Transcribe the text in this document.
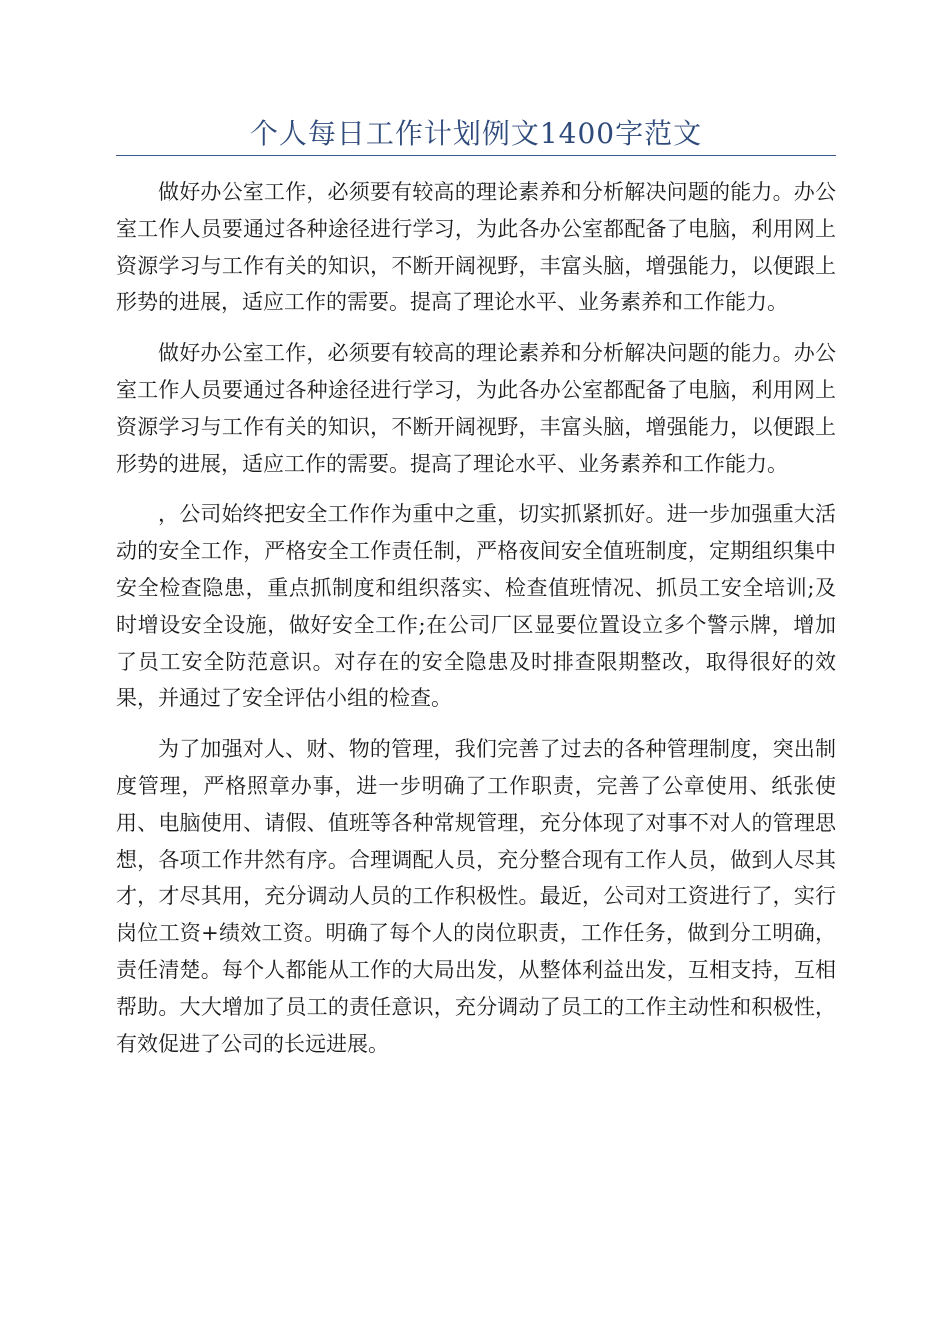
个人每日工作计划例文1400字范文

做好办公室工作，必须要有较高的理论素养和分析解决问题的能力。办公室工作人员要通过各种途径进行学习，为此各办公室都配备了电脑，利用网上资源学习与工作有关的知识，不断开阔视野，丰富头脑，增强能力，以便跟上形势的进展，适应工作的需要。提高了理论水平、业务素养和工作能力。

做好办公室工作，必须要有较高的理论素养和分析解决问题的能力。办公室工作人员要通过各种途径进行学习，为此各办公室都配备了电脑，利用网上资源学习与工作有关的知识，不断开阔视野，丰富头脑，增强能力，以便跟上形势的进展，适应工作的需要。提高了理论水平、业务素养和工作能力。

，公司始终把安全工作作为重中之重，切实抓紧抓好。进一步加强重大活动的安全工作，严格安全工作责任制，严格夜间安全值班制度，定期组织集中安全检查隐患，重点抓制度和组织落实、检查值班情况、抓员工安全培训;及时增设安全设施，做好安全工作;在公司厂区显要位置设立多个警示牌，增加了员工安全防范意识。对存在的安全隐患及时排查限期整改，取得很好的效果，并通过了安全评估小组的检查。

为了加强对人、财、物的管理，我们完善了过去的各种管理制度，突出制度管理，严格照章办事，进一步明确了工作职责，完善了公章使用、纸张使用、电脑使用、请假、值班等各种常规管理，充分体现了对事不对人的管理思想，各项工作井然有序。合理调配人员，充分整合现有工作人员，做到人尽其才，才尽其用，充分调动人员的工作积极性。最近，公司对工资进行了，实行岗位工资+绩效工资。明确了每个人的岗位职责，工作任务，做到分工明确，责任清楚。每个人都能从工作的大局出发，从整体利益出发，互相支持，互相帮助。大大增加了员工的责任意识，充分调动了员工的工作主动性和积极性，有效促进了公司的长远进展。
